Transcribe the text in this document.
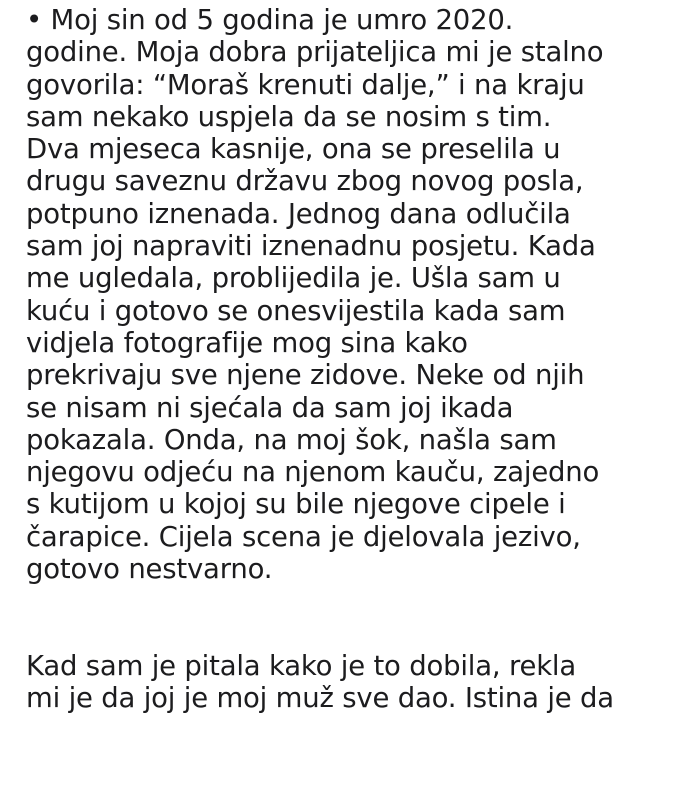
• Moj sin od 5 godina je umro 2020.
godine. Moja dobra prijateljica mi je stalno
govorila: “Moraš krenuti dalje,” i na kraju
sam nekako uspjela da se nosim s tim.
Dva mjeseca kasnije, ona se preselila u
drugu saveznu državu zbog novog posla,
potpuno iznenada. Jednog dana odlučila
sam joj napraviti iznenadnu posjetu. Kada
me ugledala, problijedila je. Ušla sam u
kuću i gotovo se onesvijestila kada sam
vidjela fotografije mog sina kako
prekrivaju sve njene zidove. Neke od njih
se nisam ni sjećala da sam joj ikada
pokazala. Onda, na moj šok, našla sam
njegovu odjeću na njenom kauču, zajedno
s kutijom u kojoj su bile njegove cipele i
čarapice. Cijela scena je djelovala jezivo,
gotovo nestvarno.
Kad sam je pitala kako je to dobila, rekla
mi je da joj je moj muž sve dao. Istina je da
